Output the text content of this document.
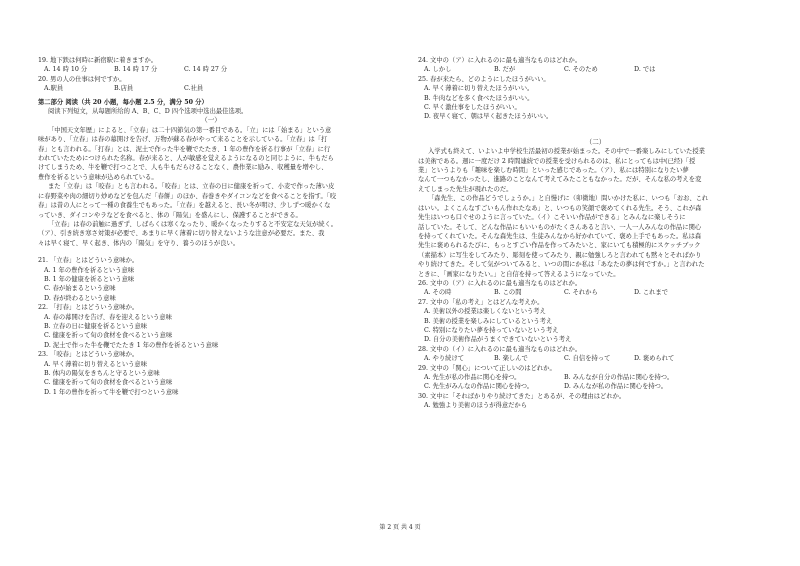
19. 地下鉄は何時に新宿駅に着きますか。
A. 14 時 10 分	B. 14 時 17 分	C. 14 時 27 分
20. 男の人の仕事は何ですか。
A.駅員	B.店員	C.社員
第二部分 阅读（共 20 小题，每小题 2.5 分，满分 50 分）
阅读下列短文，从每题所给的 A、B、C、D 四个选项中选出最佳选项。
（一）
「中国天文年歴」によると、「立春」は二十四節気の第一番目である。「立」には「始まる」という意
味があり、「立春」は春の幕開けを告げ、万物が蘇る春がやって来ることを示している。「立春」は「打
春」とも言われる。「打春」とは、泥土で作った牛を鞭でたたき、1 年の豊作を祈る行事が「立春」に行
われていたためにつけられた名称。春が来ると、人が敏感を覚えるようになるのと同じように、牛もだら
けてしまうため、牛を鞭で打つことで、人も牛もだらけることなく、農作業に励み、収穫量を増やし、
豊作を祈るという意味が込められている。
また「立春」は「咬春」とも言われる。「咬春」とは、立春の日に健康を祈って、小麦で作った薄い皮
に春野菜や肉の細切り炒めなどを包んだ「春餅」のほか、春巻きやダイコンなどを食べることを指す。「咬
春」は昔の人にとって一種の食養生でもあった。「立春」を越えると、長い冬が明け、少しずつ暖かくな
っていき、ダイコンやラなどを食べると、体の「陽気」を盛んにし、保護することができる。
「立春」は春の前触に過ぎず、しばらくは寒くなったり、暖かくなったりすると不安定な天気が続く。
（ア）、引き続き寒さ対策が必要で、あまりに早く薄着に切り替えないような注意が必要だ。また、我
々は早く寝て、早く起き、体内の「陽気」を守り、養うのほうが良い。
21. 「立春」とはどういう意味か。
A. 1 年の豊作を祈るという意味
B. 1 年の健康を祈るという意味
C. 春が始まるという意味
D. 春が終わるという意味
22. 「打春」とはどういう意味か。
A. 春の幕開けを告げ、春を迎えるという意味
B. 立春の日に健康を祈るという意味
C. 健康を祈って旬の食材を食べるという意味
D. 泥土で作った牛を鞭でたたき 1 年の豊作を祈るという意味
23. 「咬春」とはどういう意味か。
A. 早く薄着に切り替えるという意味
B. 体内の陽気をきちんと守るという意味
C. 健康を祈って旬の食材を食べるという意味
D. 1 年の豊作を祈って牛を鞭で打つという意味
24. 文中の（ア）に入れるのに最も適当なものはどれか。
A. しかし	B. だが	C. そのため	D. では
25. 春が来たら、どのようにしたほうがいい。
A. 早く薄着に切り替えたほうがいい。
B. 牛肉などを多く食べたほうがいい。
C. 早く激仕事をしたほうがいい。
D. 夜早く寝て、朝は早く起きたほうがいい。
（二）
入学式も終えて、いよいよ中学校生活最初の授業が始まった。その中で一番楽しみにしていた授業
は美術である。週に一度だけ 2 時間連続での授業を受けられるのは、私にとってもは中(已经)「授
業」というよりも「趣味を楽しむ時間」といった感じであった。（ア）、私には特別になりたい夢
なんて一つもなかったし、進路のことなんて考えてみたこともなかった。だが、そんな私の考えを変
えてしまった先生が現れたのだ。
「森先生、この作品どうでしょうか。」と自慢げに（卯微地）問いかけた私に、いつも「おお、これ
はいい。よくこんなすごいもん作れたなあ」と、いつもの笑顔で褒めてくれる先生。そう、これが森
先生はいつも口ぐせのように言っていた。（イ）こそいい作品ができる」とみんなに楽しそうに
話していた。そして、どんな作品にもいいものがたくさんあると言い、一人一人みんなの作品に関心
を持ってくれていた。そんな森先生は、生徒みんなから好かれていて、褒め上手でもあった。私は森
先生に褒められるたびに、もっとすごい作品を作ってみたいと、家にいても積極的にスケッチブック
（素描本）に写生をしてみたり、彫刻を使ってみたり、親に勉強しろと言われても黙々とそればかり
やり続けてきた。そして気がついてみると、いつの間にか私は「あなたの夢は何ですか。」と言われた
ときに、「画家になりたい。」と自信を持って答えるようになっていた。
26. 文中の（ア）に入れるのに最も適当なものはどれか。
A. その時	B. この間	C. それから	D. これまで
27. 文中の「私の考え」とはどんな考えか。
A. 美術以外の授業は楽しくないという考え
B. 美術の授業を楽しみにしているという考え
C. 特別になりたい夢を持っていないという考え
D. 自分の美術作品がうまくできていないという考え
28. 文中の（イ）に入れるのに最も適当なものはどれか。
A. やり続けて	B. 楽しんで	C. 自信を持って	D. 褒められて
29. 文中の「関心」について正しいのはどれか。
A. 先生が私の作品に関心を持つ。	B. みんなが自分の作品に関心を持つ。
C. 先生がみんなの作品に関心を持つ。	D. みんなが私の作品に関心を持つ。
30. 文中に「そればかりやり続けてきた」とあるが、その理由はどれか。
A. 勉強より美術のほうが得意だから
第 2 页 共 4 页
